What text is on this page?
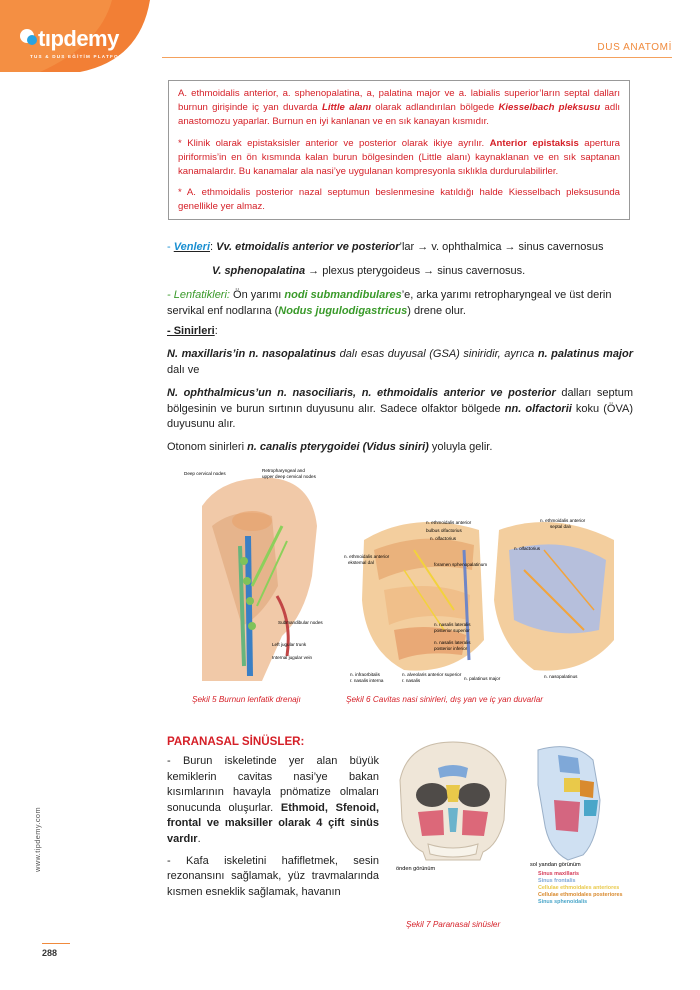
tıpdemy
TUS & DUS EĞİTİM PLATFORMU
DUS ANATOMİ

A. ethmoidalis anterior, a. sphenopalatina, a, palatina major ve a. labialis superior’ların septal dalları burnun girişinde iç yan duvarda Little alanı olarak adlandırılan bölgede Kiesselbach pleksusu adlı anastomozu yaparlar. Burnun en iyi kanlanan ve en sık kanayan kısmıdır.

* Klinik olarak epistaksisler anterior ve posterior olarak ikiye ayrılır. Anterior epistaksis apertura piriformis’in en ön kısmında kalan burun bölgesinden (Little alanı) kaynaklanan ve en sık saptanan kanamalardır. Bu kanamalar ala nasi’ye uygulanan kompresyonla sıklıkla durdurulabilirler.

* A. ethmoidalis posterior nazal septumun beslenmesine katıldığı halde Kiesselbach pleksusunda genellikle yer almaz.

- Venleri: Vv. etmoidalis anterior ve posterior’lar → v. ophthalmica → sinus cavernosus
V. sphenopalatina → plexus pterygoideus → sinus cavernosus.

- Lenfatikleri: Ön yarımı nodi submandibulares’e, arka yarımı retropharyngeal ve üst derin servikal enf nodlarına (Nodus jugulodigastricus) drene olur.

- Sinirleri:
N. maxillaris’in n. nasopalatinus dalı esas duyusal (GSA) siniridir, ayrıca n. palatinus major dalı ve
N. ophthalmicus’un n. nasociliaris, n. ethmoidalis anterior ve posterior dalları septum bölgesinin ve burun sırtının duyusunu alır. Sadece olfaktor bölgede nn. olfactorii koku (ÖVA) duyusunu alır.
Otonom sinirleri n. canalis pterygoidei (Vidus siniri) yoluyla gelir.
Deep cervical nodes
Retropharyngeal and
upper deep cervical nodes
Submandibular nodes
Left jugular trunk
Internal jugular vein
Şekil 5 Burnun lenfatik drenajı
n. ethmoidalis anterior
bulbus olfactorius
n. olfactorius
n. ethmoidalis anterior
ekstemal dal	foramen sphenopalatinum
n. nasalis lateralis
posterior superior
n. nasalis lateralis
posterior inferior
n. infraorbitalis
r. nasalis interna
n. alveolaris anterior superior
r. nasalis	n. palatinus major
n. ethmoidalis anterior
septal dalı
n. olfactorius
n. nasopalatinus
Şekil 6 Cavitas nasi sinirleri, dış yan ve iç yan duvarlar
PARANASAL SİNÜSLER:

- Burun iskeletinde yer alan büyük kemiklerin cavitas nasi’ye bakan kısımlarının havayla pnömatize olmaları sonucunda oluşurlar. Ethmoid, Sfenoid, frontal ve maksiller olarak 4 çift sinüs vardır.

- Kafa iskeletini hafifletmek, sesin rezonansını sağlamak, yüz travmalarında kısmen esneklik sağlamak, havanın

önden görünüm
sol yandan görünüm
Sinus maxillaris
Sinus frontalis
Cellulae ethmoidales anteriores
Cellulae ethmoidales posteriores
Sinus sphenoidalis
Şekil 7 Paranasal sinüsler
www.tipdemy.com
288
